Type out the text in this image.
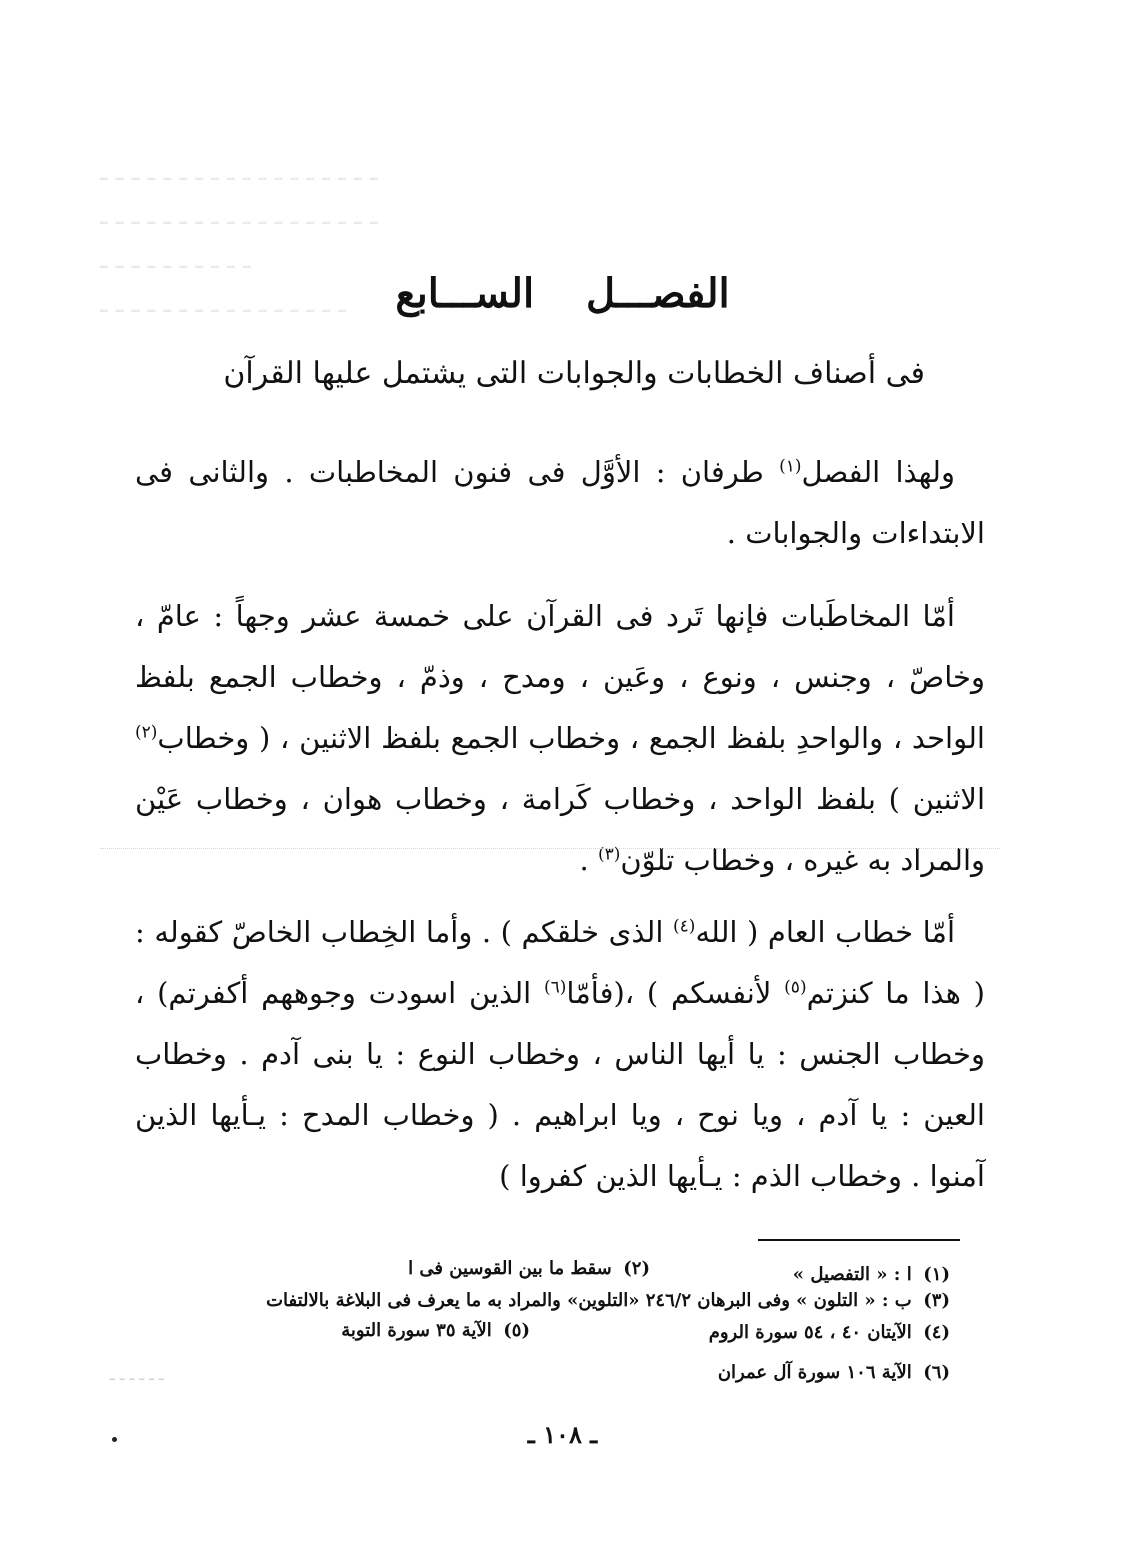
ـ ـ ـ ـ ـ ـ ـ ـ ـ ـ ـ ـ ـ ـ ـ ـ ـ ـ
ـ ـ ـ ـ ـ ـ ـ ـ ـ ـ ـ ـ ـ ـ ـ ـ ـ ـ
ـ ـ ـ ـ ـ ـ ـ ـ ـ ـ
ـ ـ ـ ـ ـ ـ ـ ـ ـ ـ ـ ـ ـ ـ ـ ـ	الفصـــل الســـابع
فى أصناف الخطابات والجوابات التى يشتمل عليها القرآن
ولهذا الفصل$^{(١)}$ طرفان : الأوَّل فى فنون المخاطبات . والثانى فى الابتداءات والجوابات .
أمّا المخاطَبات فإنها تَرد فى القرآن على خمسة عشر وجهاً : عامّ ، وخاصّ ، وجنس ، ونوع ، وعَين ، ومدح ، وذمّ ، وخطاب الجمع بلفظ الواحد ، والواحدِ بلفظ الجمع ، وخطاب الجمع بلفظ الاثنين ، ( وخطاب$^{(٢)}$ الاثنين ) بلفظ الواحد ، وخطاب كَرامة ، وخطاب هوان ، وخطاب عَيْن والمراد به غيره ، وخطاب تلوّن$^{(٣)}$ .
أمّا خطاب العام ( الله$^{(٤)}$ الذى خلقكم ) . وأما الخِطاب الخاصّ كقوله : ( هذا ما كنزتم$^{(٥)}$ لأنفسكم ) ،(فأمّا$^{(٦)}$ الذين اسودت وجوههم أكفرتم) ، وخطاب الجنس : يا أيها الناس ، وخطاب النوع : يا بنى آدم . وخطاب العين : يا آدم ، ويا نوح ، ويا ابراهيم . ( وخطاب المدح : يـأيها الذين آمنوا . وخطاب الذم : يـأيها الذين كفروا )
(١) ا : « التفصيل »
(٢) سقط ما بين القوسين فى ا
(٣) ب : « التلون » وفى البرهان ٢٤٦/٢ «التلوين» والمراد به ما يعرف فى البلاغة بالالتفات
(٤) الآيتان ٤٠ ، ٥٤ سورة الروم
(٥) الآية ٣٥ سورة التوبة
(٦) الآية ١٠٦ سورة آل عمران
ـ ـ ـ ـ ـ ـ
ـ ١٠٨ ـ
